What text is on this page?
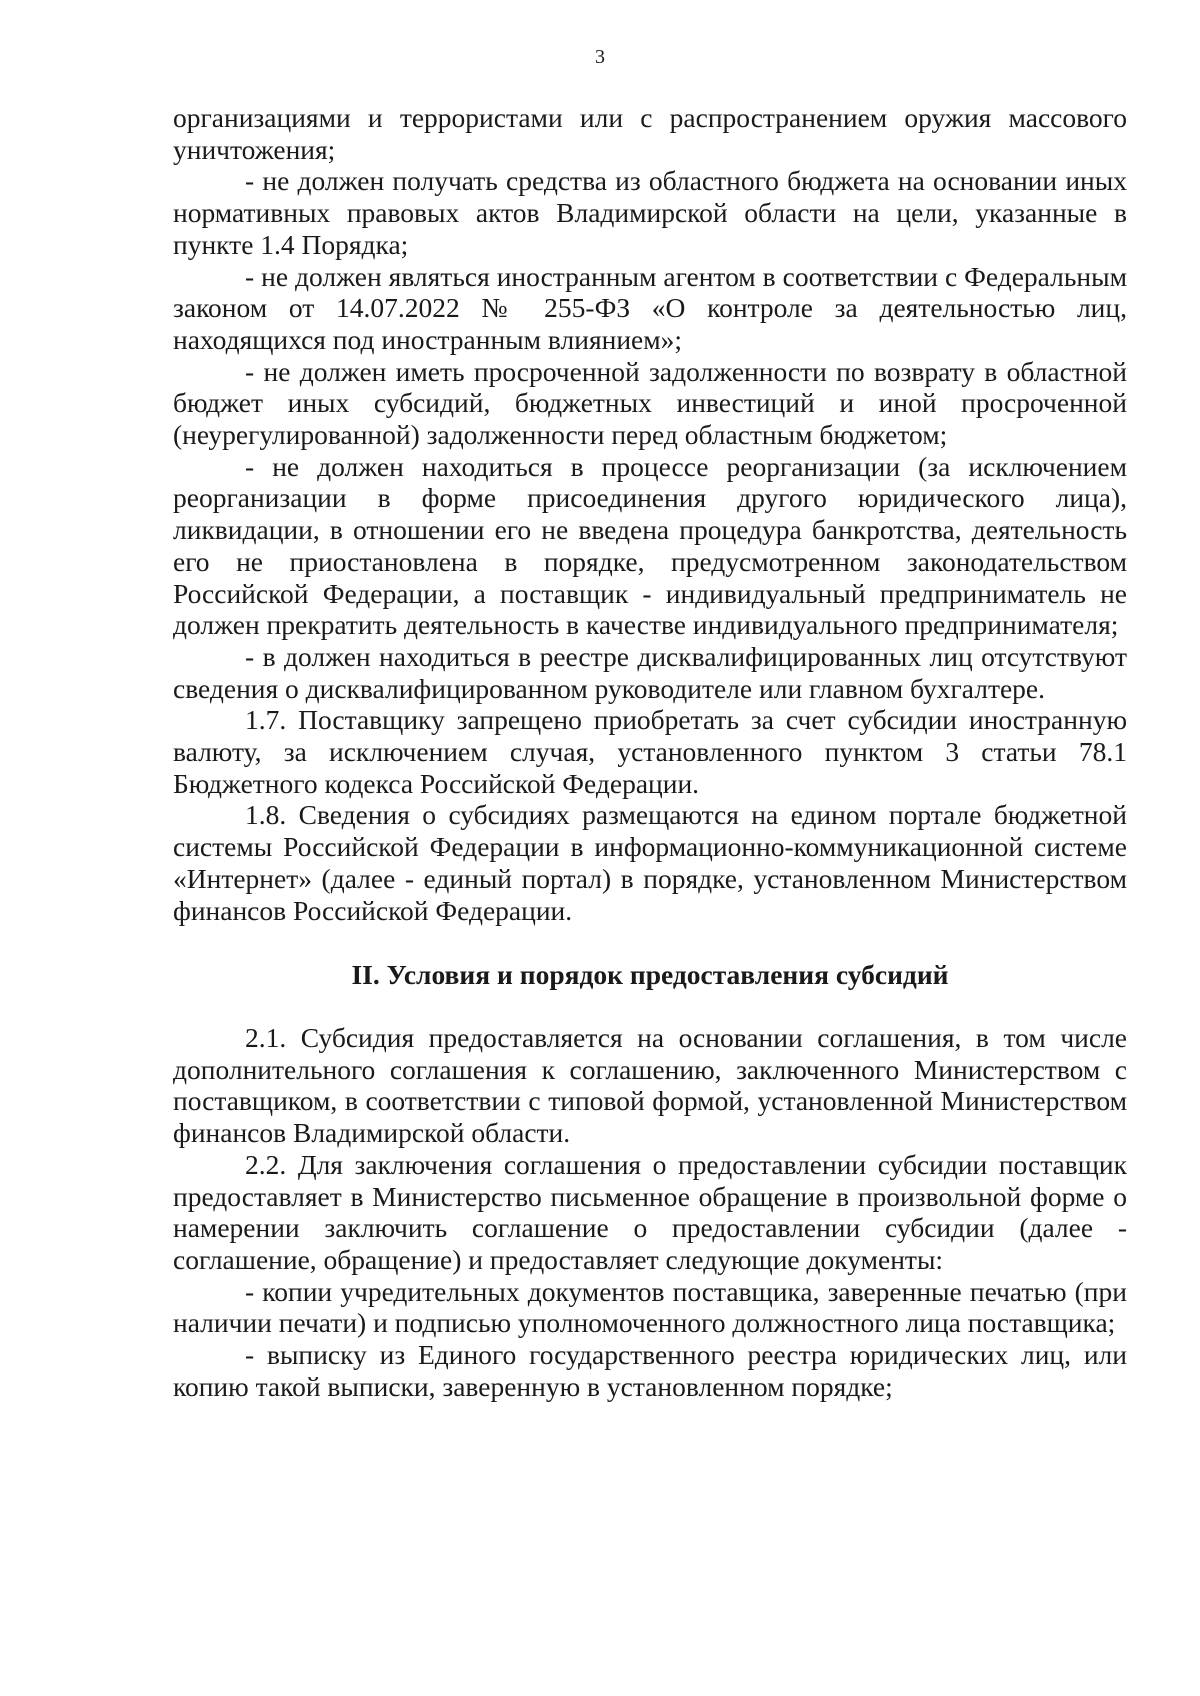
3

организациями и террористами или с распространением оружия массового уничтожения;

- не должен получать средства из областного бюджета на основании иных нормативных правовых актов Владимирской области на цели, указанные в пункте 1.4 Порядка;

- не должен являться иностранным агентом в соответствии с Федеральным законом от 14.07.2022 № 255-ФЗ «О контроле за деятельностью лиц, находящихся под иностранным влиянием»;

- не должен иметь просроченной задолженности по возврату в областной бюджет иных субсидий, бюджетных инвестиций и иной просроченной (неурегулированной) задолженности перед областным бюджетом;

- не должен находиться в процессе реорганизации (за исключением реорганизации в форме присоединения другого юридического лица), ликвидации, в отношении его не введена процедура банкротства, деятельность его не приостановлена в порядке, предусмотренном законодательством Российской Федерации, а поставщик - индивидуальный предприниматель не должен прекратить деятельность в качестве индивидуального предпринимателя;

- в должен находиться в реестре дисквалифицированных лиц отсутствуют сведения о дисквалифицированном руководителе или главном бухгалтере.

1.7. Поставщику запрещено приобретать за счет субсидии иностранную валюту, за исключением случая, установленного пунктом 3 статьи 78.1 Бюджетного кодекса Российской Федерации.

1.8. Сведения о субсидиях размещаются на едином портале бюджетной системы Российской Федерации в информационно-коммуникационной системе «Интернет» (далее - единый портал) в порядке, установленном Министерством финансов Российской Федерации.

II. Условия и порядок предоставления субсидий

2.1. Субсидия предоставляется на основании соглашения, в том числе дополнительного соглашения к соглашению, заключенного Министерством с поставщиком, в соответствии с типовой формой, установленной Министерством финансов Владимирской области.

2.2. Для заключения соглашения о предоставлении субсидии поставщик предоставляет в Министерство письменное обращение в произвольной форме о намерении заключить соглашение о предоставлении субсидии (далее - соглашение, обращение) и предоставляет следующие документы:

- копии учредительных документов поставщика, заверенные печатью (при наличии печати) и подписью уполномоченного должностного лица поставщика;

- выписку из Единого государственного реестра юридических лиц, или копию такой выписки, заверенную в установленном порядке;
